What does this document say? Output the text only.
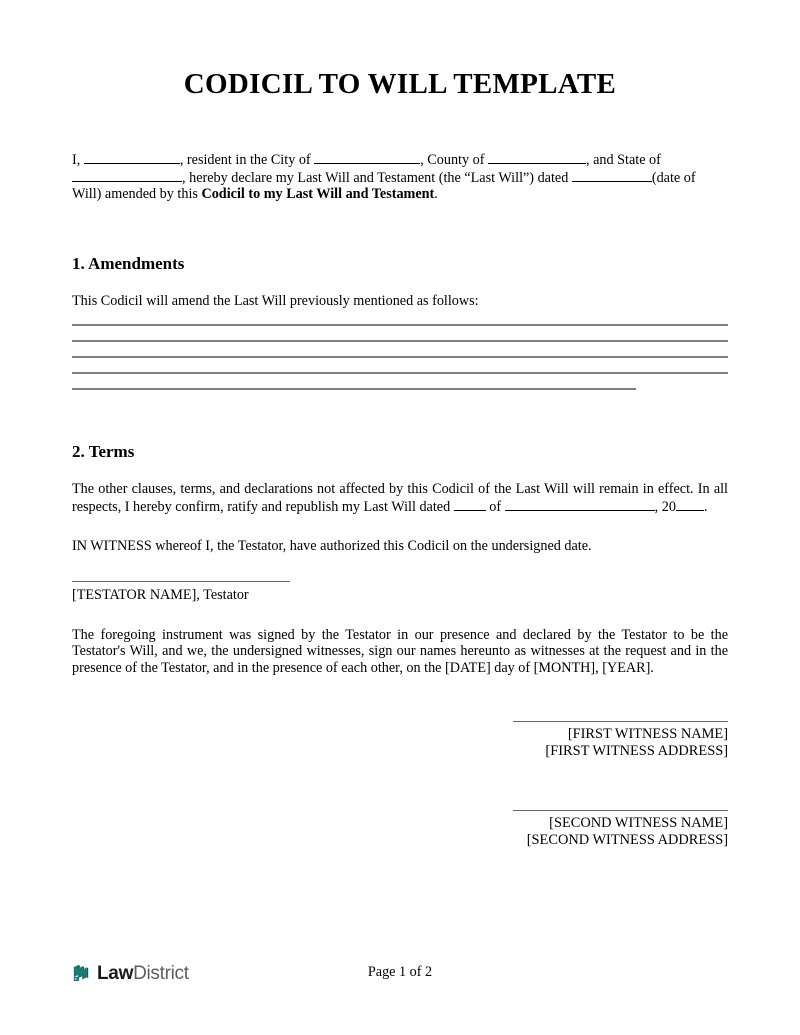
CODICIL TO WILL TEMPLATE

I,	, resident in the City of	, County of	, and State of , hereby declare my Last Will and Testament (the “Last Will”) dated	(date of Will) amended by this Codicil to my Last Will and Testament.

1. Amendments

This Codicil will amend the Last Will previously mentioned as follows:

2. Terms

The other clauses, terms, and declarations not affected by this Codicil of the Last Will will remain in effect. In all respects, I hereby confirm, ratify and republish my Last Will dated  of	, 20 .

IN WITNESS whereof I, the Testator, have authorized this Codicil on the undersigned date.

[TESTATOR NAME], Testator

The foregoing instrument was signed by the Testator in our presence and declared by the Testator to be the Testator's Will, and we, the undersigned witnesses, sign our names hereunto as witnesses at the request and in the presence of the Testator, and in the presence of each other, on the [DATE] day of [MONTH], [YEAR].

[FIRST WITNESS NAME]
[FIRST WITNESS ADDRESS]
[SECOND WITNESS NAME]
[SECOND WITNESS ADDRESS]
LawDistrict	Page 1 of 2
